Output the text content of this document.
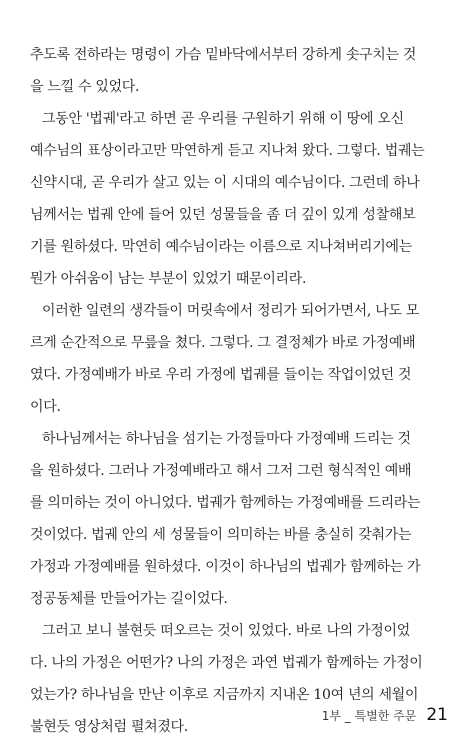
추도록 전하라는 명령이 가슴 밑바닥에서부터 강하게 솟구치는 것
을 느낄 수 있었다.
그동안 '법궤'라고 하면 곧 우리를 구원하기 위해 이 땅에 오신
예수님의 표상이라고만 막연하게 듣고 지나쳐 왔다. 그렇다. 법궤는
신약시대, 곧 우리가 살고 있는 이 시대의 예수님이다. 그런데 하나
님께서는 법궤 안에 들어 있던 성물들을 좀 더 깊이 있게 성찰해보
기를 원하셨다. 막연히 예수님이라는 이름으로 지나쳐버리기에는
뭔가 아쉬움이 남는 부분이 있었기 때문이리라.
이러한 일련의 생각들이 머릿속에서 정리가 되어가면서, 나도 모
르게 순간적으로 무릎을 쳤다. 그렇다. 그 결정체가 바로 가정예배
였다. 가정예배가 바로 우리 가정에 법궤를 들이는 작업이었던 것
이다.
하나님께서는 하나님을 섬기는 가정들마다 가정예배 드리는 것
을 원하셨다. 그러나 가정예배라고 해서 그저 그런 형식적인 예배
를 의미하는 것이 아니었다. 법궤가 함께하는 가정예배를 드리라는
것이었다. 법궤 안의 세 성물들이 의미하는 바를 충실히 갖춰가는
가정과 가정예배를 원하셨다. 이것이 하나님의 법궤가 함께하는 가
정공동체를 만들어가는 길이었다.
그러고 보니 불현듯 떠오르는 것이 있었다. 바로 나의 가정이었
다. 나의 가정은 어떤가? 나의 가정은 과연 법궤가 함께하는 가정이
었는가? 하나님을 만난 이후로 지금까지 지내온 10여 년의 세월이
불현듯 영상처럼 펼쳐졌다.
1부 _ 특별한 주문 21
